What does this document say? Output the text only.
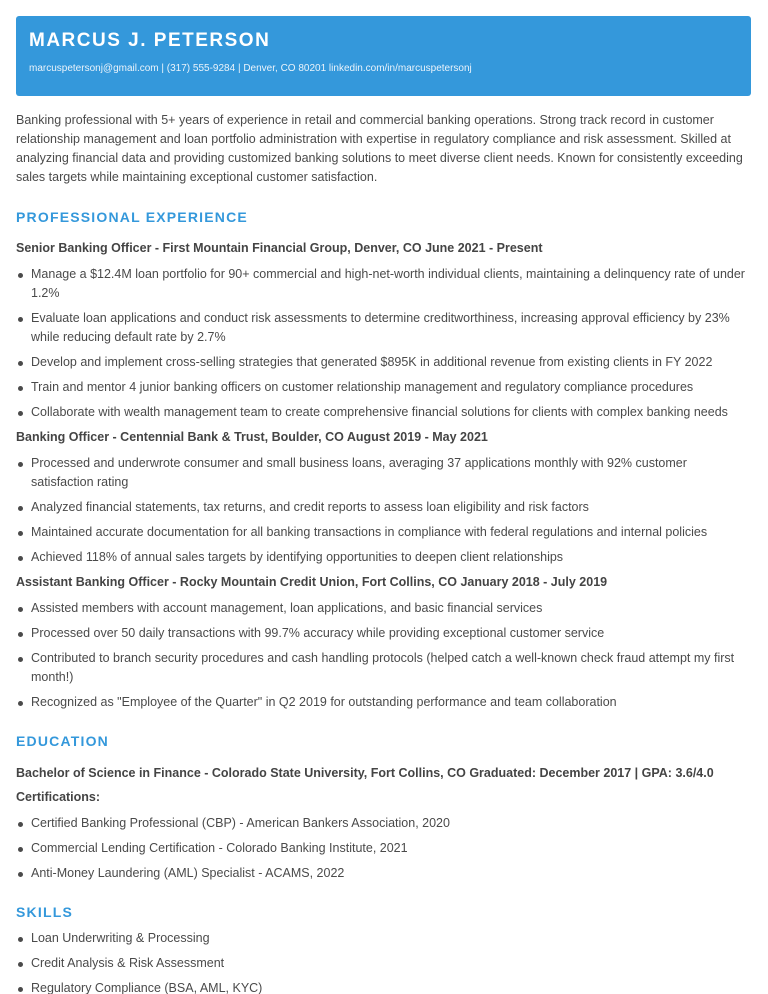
MARCUS J. PETERSON
marcuspetersonj@gmail.com | (317) 555-9284 | Denver, CO 80201 linkedin.com/in/marcuspetersonj

Banking professional with 5+ years of experience in retail and commercial banking operations. Strong track record in customer relationship management and loan portfolio administration with expertise in regulatory compliance and risk assessment. Skilled at analyzing financial data and providing customized banking solutions to meet diverse client needs. Known for consistently exceeding sales targets while maintaining exceptional customer satisfaction.

PROFESSIONAL EXPERIENCE
Senior Banking Officer - First Mountain Financial Group, Denver, CO June 2021 - Present
Manage a $12.4M loan portfolio for 90+ commercial and high-net-worth individual clients, maintaining a delinquency rate of under 1.2%
Evaluate loan applications and conduct risk assessments to determine creditworthiness, increasing approval efficiency by 23% while reducing default rate by 2.7%
Develop and implement cross-selling strategies that generated $895K in additional revenue from existing clients in FY 2022
Train and mentor 4 junior banking officers on customer relationship management and regulatory compliance procedures
Collaborate with wealth management team to create comprehensive financial solutions for clients with complex banking needs
Banking Officer - Centennial Bank & Trust, Boulder, CO August 2019 - May 2021
Processed and underwrote consumer and small business loans, averaging 37 applications monthly with 92% customer satisfaction rating
Analyzed financial statements, tax returns, and credit reports to assess loan eligibility and risk factors
Maintained accurate documentation for all banking transactions in compliance with federal regulations and internal policies
Achieved 118% of annual sales targets by identifying opportunities to deepen client relationships
Assistant Banking Officer - Rocky Mountain Credit Union, Fort Collins, CO January 2018 - July 2019
Assisted members with account management, loan applications, and basic financial services
Processed over 50 daily transactions with 99.7% accuracy while providing exceptional customer service
Contributed to branch security procedures and cash handling protocols (helped catch a well-known check fraud attempt my first month!)
Recognized as "Employee of the Quarter" in Q2 2019 for outstanding performance and team collaboration
EDUCATION
Bachelor of Science in Finance - Colorado State University, Fort Collins, CO Graduated: December 2017 | GPA: 3.6/4.0
Certifications:
Certified Banking Professional (CBP) - American Bankers Association, 2020
Commercial Lending Certification - Colorado Banking Institute, 2021
Anti-Money Laundering (AML) Specialist - ACAMS, 2022
SKILLS
Loan Underwriting & Processing
Credit Analysis & Risk Assessment
Regulatory Compliance (BSA, AML, KYC)
